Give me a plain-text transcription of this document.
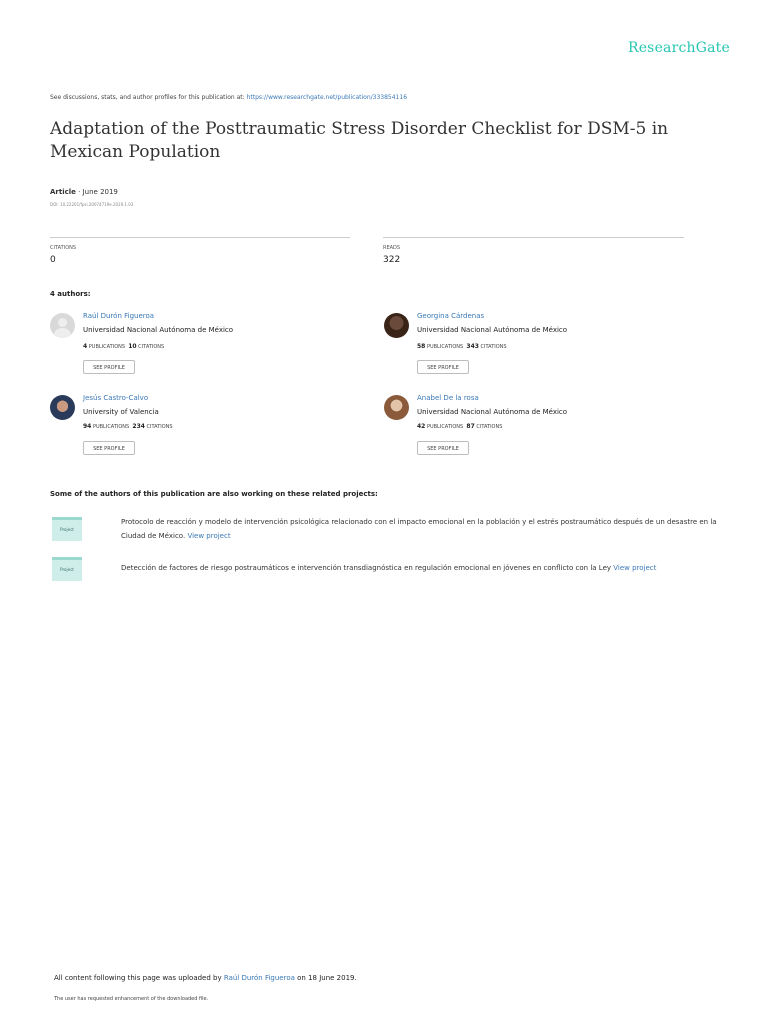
ResearchGate
See discussions, stats, and author profiles for this publication at: https://www.researchgate.net/publication/333854116
Adaptation of the Posttraumatic Stress Disorder Checklist for DSM-5 in Mexican Population
Article · June 2019
DOI: 10.22201/fpsi.20074719e.2019.1.03
CITATIONS
0
READS
322
4 authors:
Raúl Durón Figueroa
Universidad Nacional Autónoma de México
4 PUBLICATIONS 10 CITATIONS
SEE PROFILE
Georgina Cárdenas
Universidad Nacional Autónoma de México
58 PUBLICATIONS 343 CITATIONS
SEE PROFILE
Jesús Castro-Calvo
University of Valencia
94 PUBLICATIONS 234 CITATIONS
SEE PROFILE
Anabel De la rosa
Universidad Nacional Autónoma de México
42 PUBLICATIONS 87 CITATIONS
SEE PROFILE
Some of the authors of this publication are also working on these related projects:
Project
Protocolo de reacción y modelo de intervención psicológica relacionado con el impacto emocional en la población y el estrés postraumático después de un desastre en la Ciudad de México. View project
Project	Detección de factores de riesgo postraumáticos e intervención transdiagnóstica en regulación emocional en jóvenes en conflicto con la Ley View project
All content following this page was uploaded by Raúl Durón Figueroa on 18 June 2019.
The user has requested enhancement of the downloaded file.
